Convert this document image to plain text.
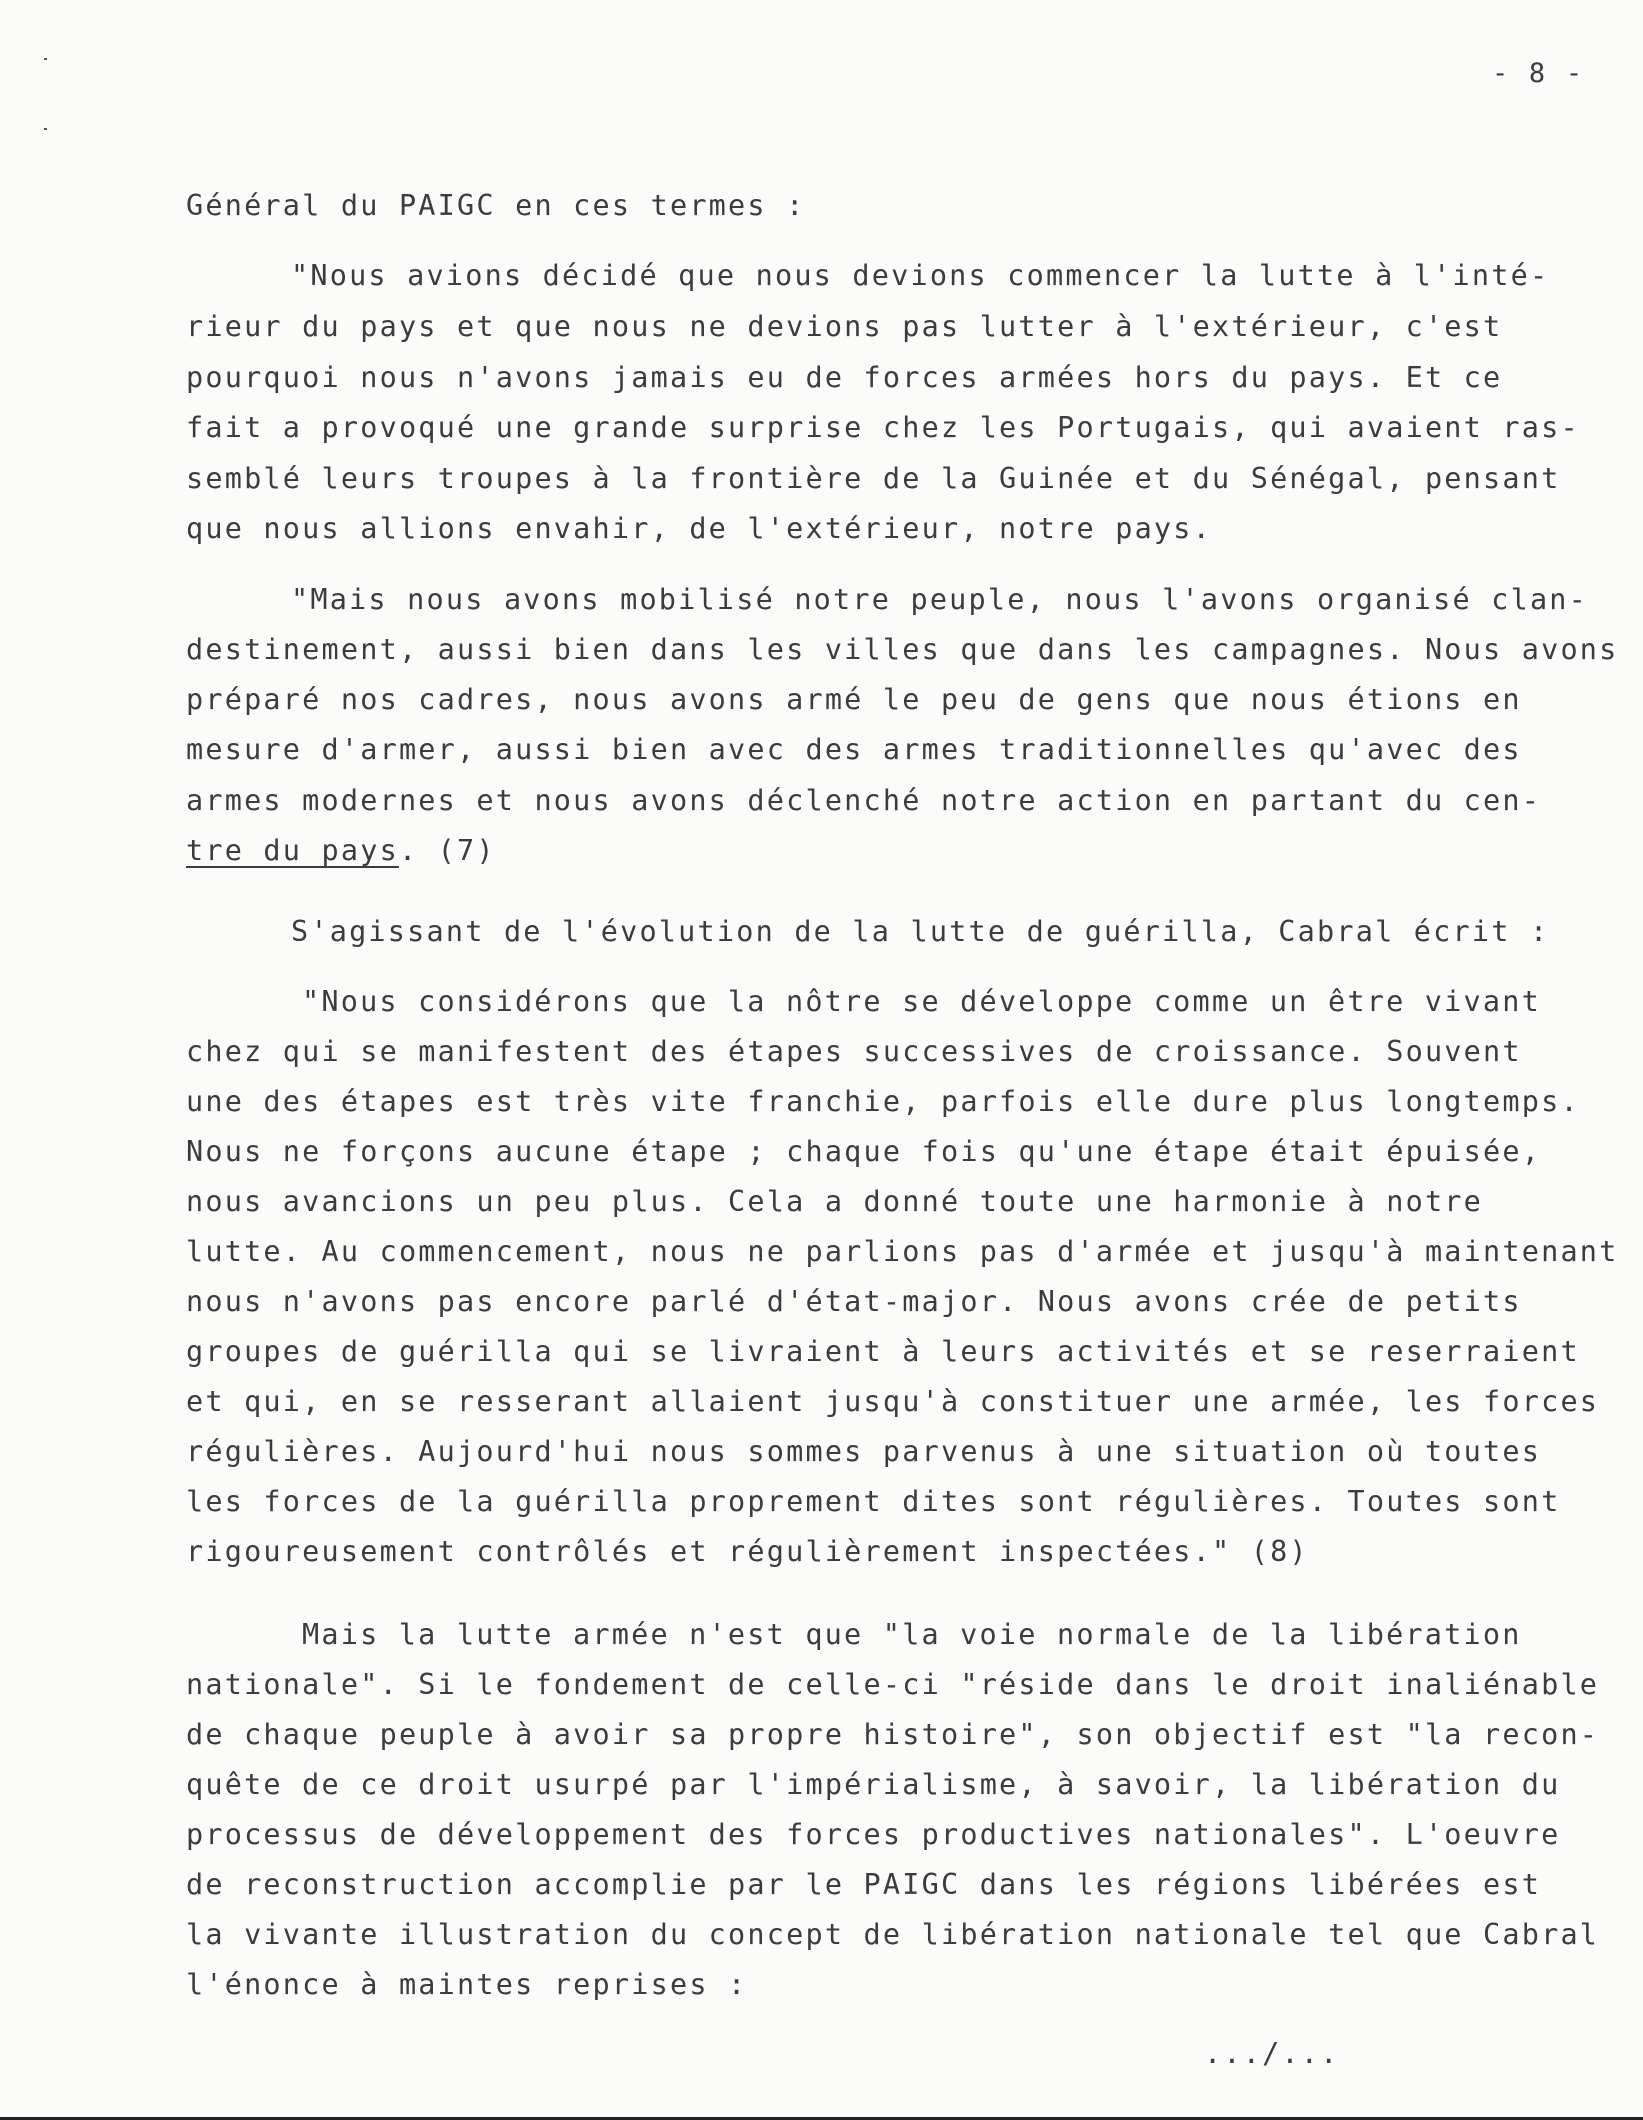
- 8 -
Général du PAIGC en ces termes :
"Nous avions décidé que nous devions commencer la lutte à l'inté-
rieur du pays et que nous ne devions pas lutter à l'extérieur, c'est
pourquoi nous n'avons jamais eu de forces armées hors du pays. Et ce
fait a provoqué une grande surprise chez les Portugais, qui avaient ras-
semblé leurs troupes à la frontière de la Guinée et du Sénégal, pensant
que nous allions envahir, de l'extérieur, notre pays.
"Mais nous avons mobilisé notre peuple, nous l'avons organisé clan-
destinement, aussi bien dans les villes que dans les campagnes. Nous avons
préparé nos cadres, nous avons armé le peu de gens que nous étions en
mesure d'armer, aussi bien avec des armes traditionnelles qu'avec des
armes modernes et nous avons déclenché notre action en partant du cen-
tre du pays. (7)
S'agissant de l'évolution de la lutte de guérilla, Cabral écrit :
"Nous considérons que la nôtre se développe comme un être vivant
chez qui se manifestent des étapes successives de croissance. Souvent
une des étapes est très vite franchie, parfois elle dure plus longtemps.
Nous ne forçons aucune étape ; chaque fois qu'une étape était épuisée,
nous avancions un peu plus. Cela a donné toute une harmonie à notre
lutte. Au commencement, nous ne parlions pas d'armée et jusqu'à maintenant
nous n'avons pas encore parlé d'état-major. Nous avons crée de petits
groupes de guérilla qui se livraient à leurs activités et se reserraient
et qui, en se resserant allaient jusqu'à constituer une armée, les forces
régulières. Aujourd'hui nous sommes parvenus à une situation où toutes
les forces de la guérilla proprement dites sont régulières. Toutes sont
rigoureusement contrôlés et régulièrement inspectées." (8)
Mais la lutte armée n'est que "la voie normale de la libération
nationale". Si le fondement de celle-ci "réside dans le droit inaliénable
de chaque peuple à avoir sa propre histoire", son objectif est "la recon-
quête de ce droit usurpé par l'impérialisme, à savoir, la libération du
processus de développement des forces productives nationales". L'oeuvre
de reconstruction accomplie par le PAIGC dans les régions libérées est
la vivante illustration du concept de libération nationale tel que Cabral
l'énonce à maintes reprises :
.../...
